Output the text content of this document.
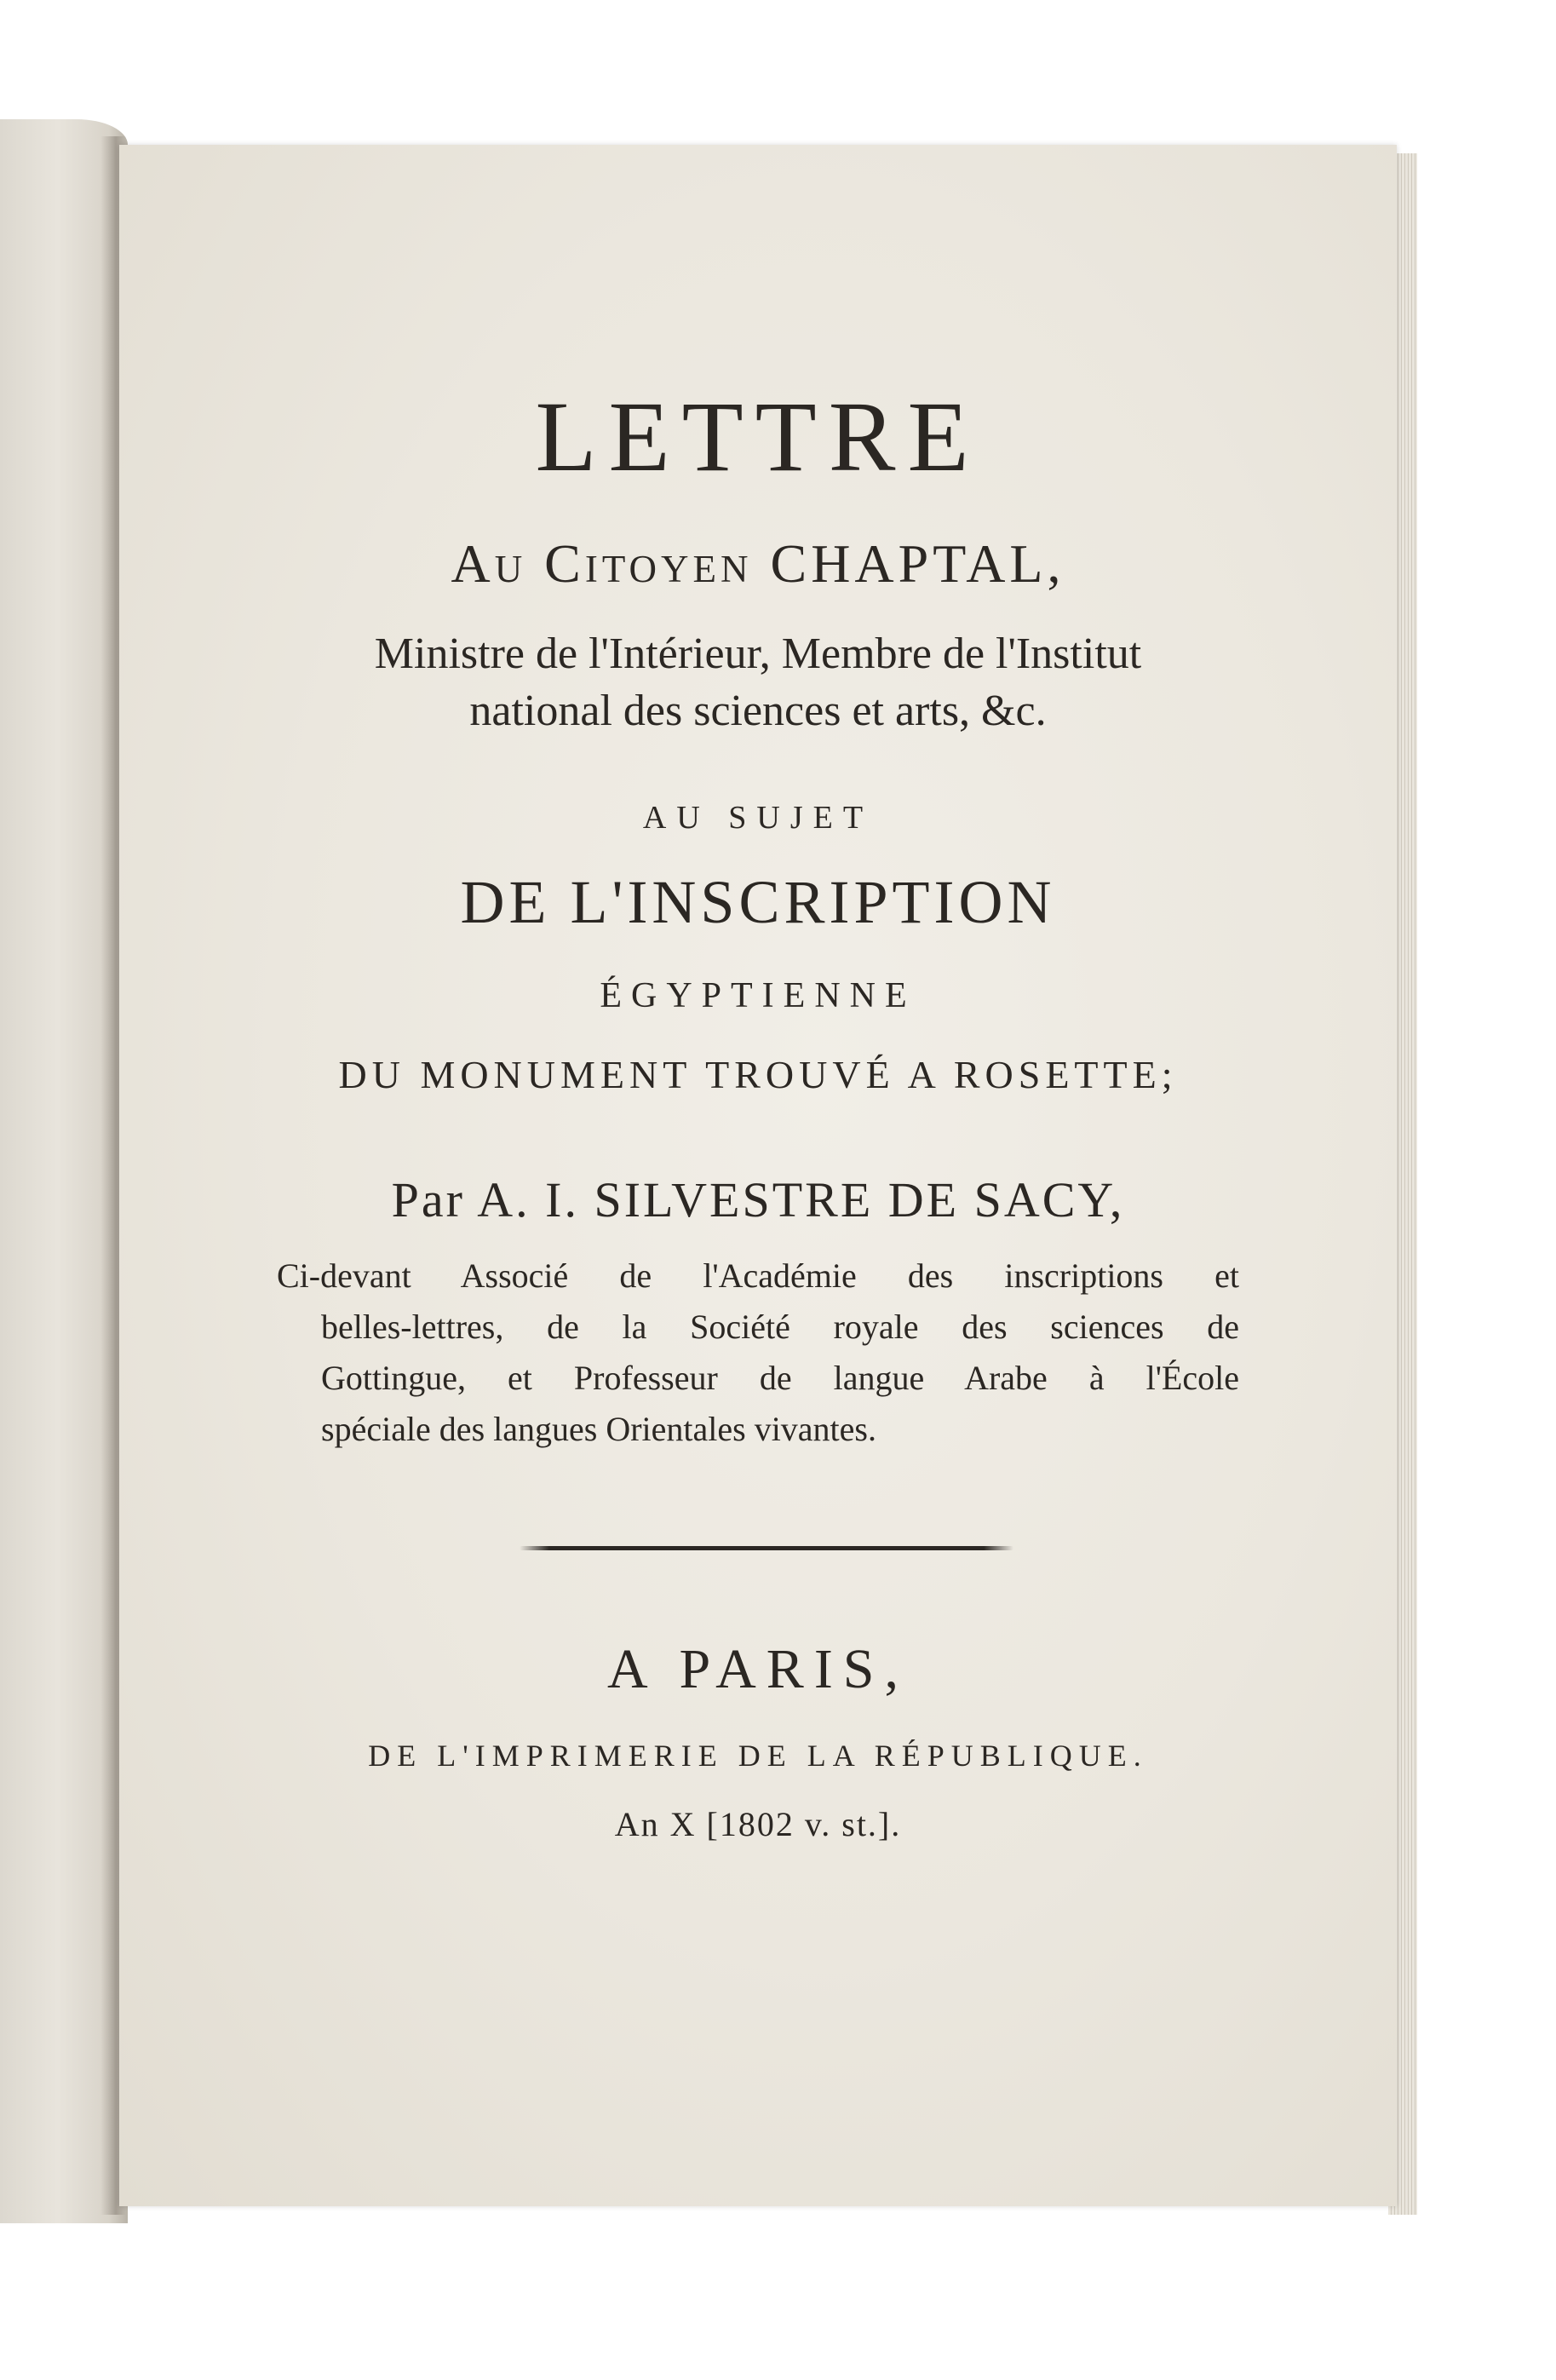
LETTRE
Au Citoyen CHAPTAL,
Ministre de l'Intérieur, Membre de l'Institut
national des sciences et arts, &c.
AU SUJET
DE L'INSCRIPTION
ÉGYPTIENNE
DU MONUMENT TROUVÉ A ROSETTE;
Par A. I. SILVESTRE DE SACY,
Ci-devant Associé de l'Académie des inscriptions et
belles-lettres, de la Société royale des sciences de
Gottingue, et Professeur de langue Arabe à l'École
spéciale des langues Orientales vivantes.
A PARIS,
DE L'IMPRIMERIE DE LA RÉPUBLIQUE.
An X [1802 v. st.].
